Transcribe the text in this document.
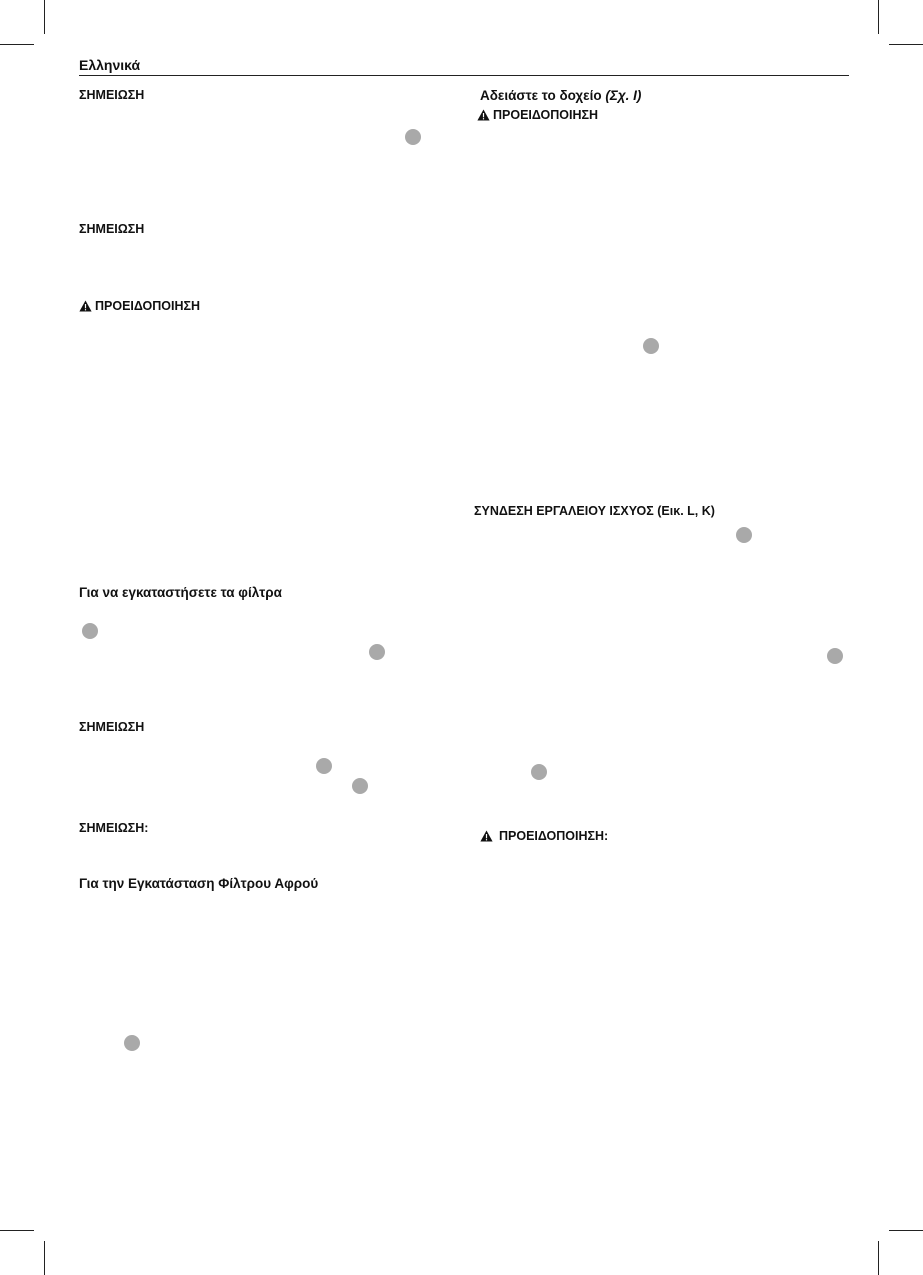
Ελληνικά
ΣΗΜΕΙΩΣΗ
ΣΗΜΕΙΩΣΗ
ΠΡΟΕΙΔΟΠΟΙΗΣΗ
Για να εγκαταστήσετε τα φίλτρα
ΣΗΜΕΙΩΣΗ
ΣΗΜΕΙΩΣΗ:
Για την Εγκατάσταση Φίλτρου Αφρού
Αδειάστε το δοχείο (Σχ. I)
ΠΡΟΕΙΔΟΠΟΙΗΣΗ
ΣΥΝΔΕΣΗ ΕΡΓΑΛΕΙΟΥ ΙΣΧΥΟΣ (Εικ. L, K)
ΠΡΟΕΙΔΟΠΟΙΗΣΗ:
